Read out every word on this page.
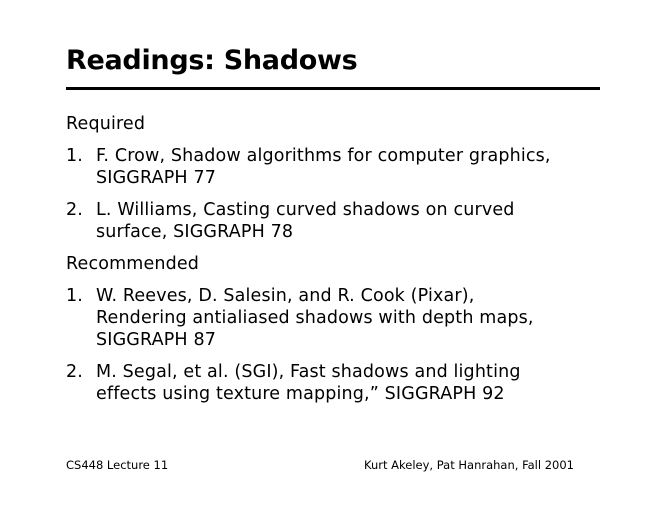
Readings: Shadows
Required
1. F. Crow, Shadow algorithms for computer graphics,
SIGGRAPH 77
2. L. Williams, Casting curved shadows on curved
surface, SIGGRAPH 78
Recommended
1. W. Reeves, D. Salesin, and R. Cook (Pixar),
Rendering antialiased shadows with depth maps,
SIGGRAPH 87
2. M. Segal, et al. (SGI), Fast shadows and lighting
effects using texture mapping,” SIGGRAPH 92
CS448 Lecture 11	Kurt Akeley, Pat Hanrahan, Fall 2001
